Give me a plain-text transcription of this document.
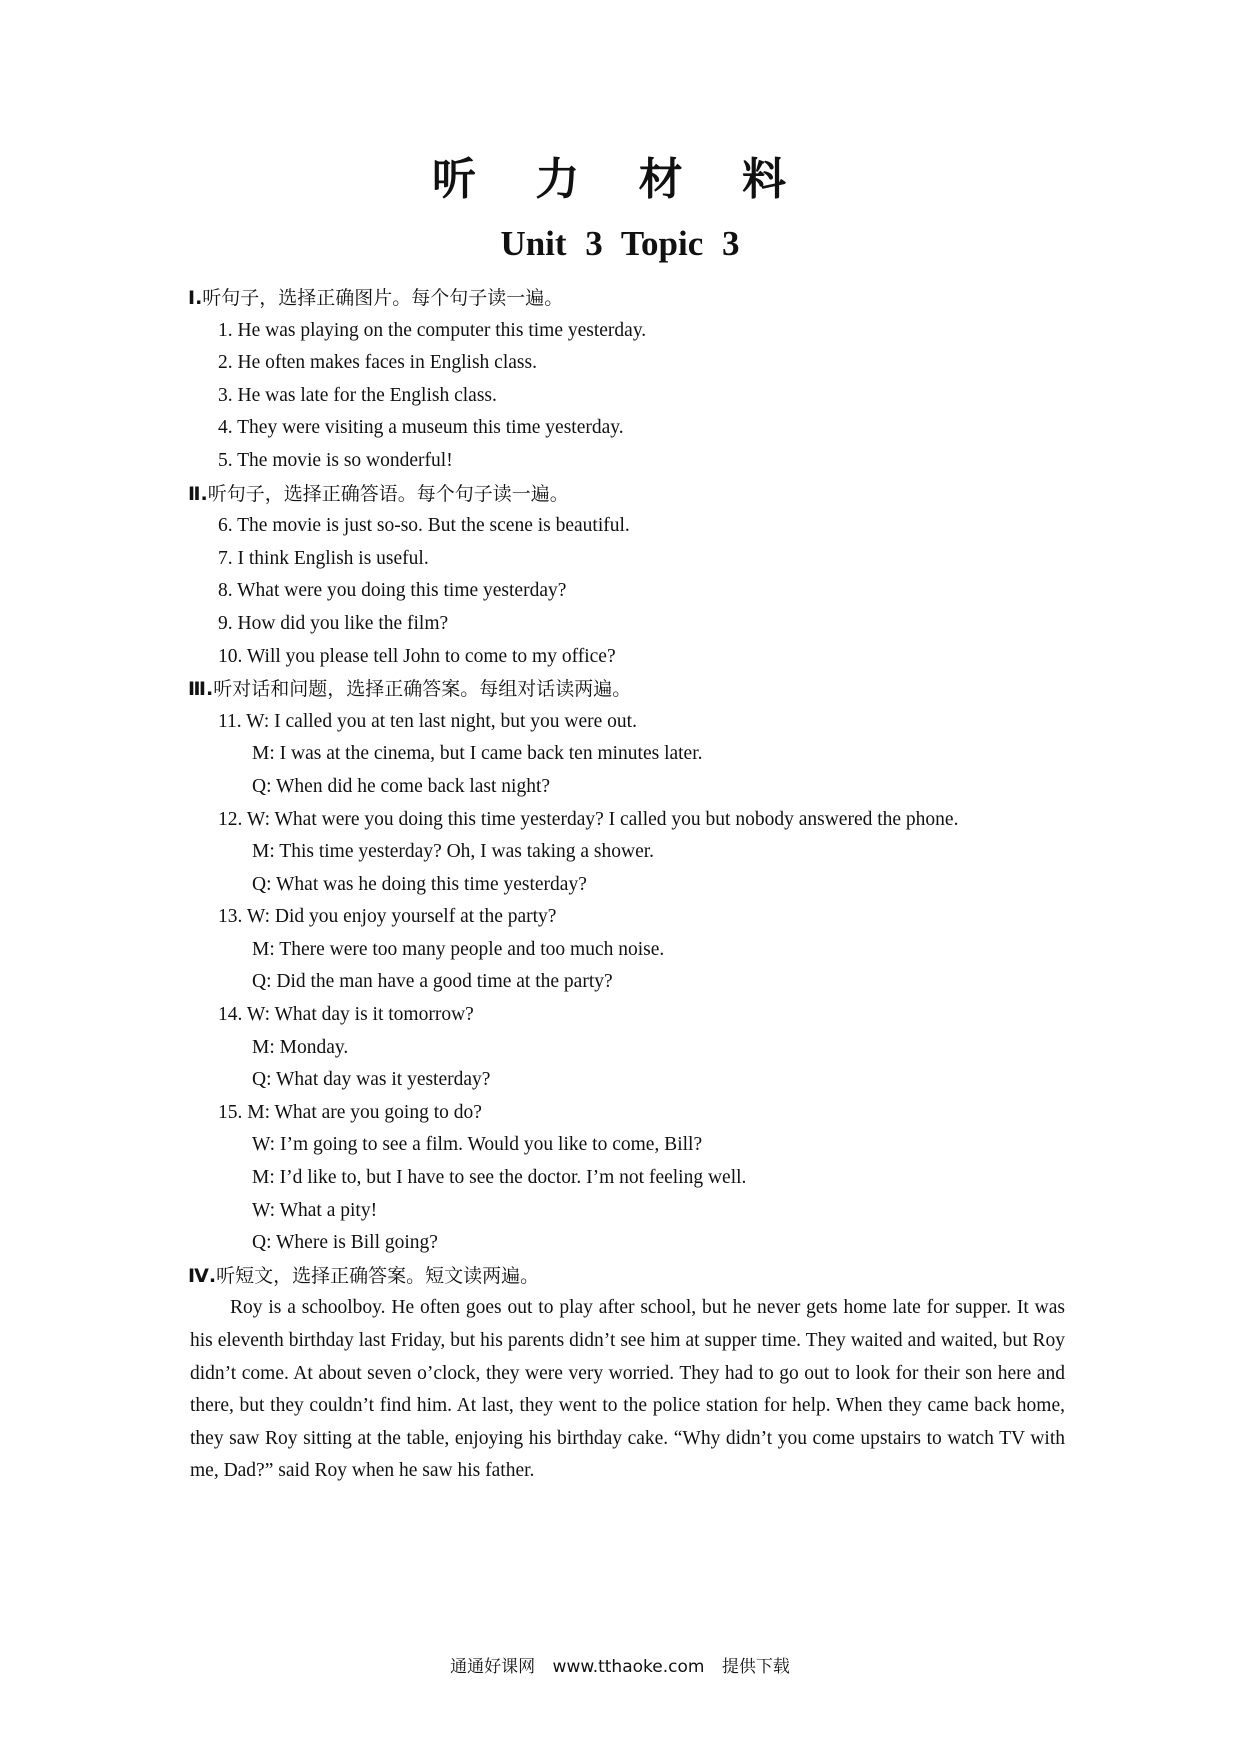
听 力 材 料
Unit 3 Topic 3
Ⅰ.听句子，选择正确图片。每个句子读一遍。
1. He was playing on the computer this time yesterday.
2. He often makes faces in English class.
3. He was late for the English class.
4. They were visiting a museum this time yesterday.
5. The movie is so wonderful!
Ⅱ.听句子，选择正确答语。每个句子读一遍。
6. The movie is just so-so. But the scene is beautiful.
7. I think English is useful.
8. What were you doing this time yesterday?
9. How did you like the film?
10. Will you please tell John to come to my office?
Ⅲ.听对话和问题，选择正确答案。每组对话读两遍。
11. W: I called you at ten last night, but you were out.
M: I was at the cinema, but I came back ten minutes later.
Q: When did he come back last night?
12. W: What were you doing this time yesterday? I called you but nobody answered the phone.
M: This time yesterday? Oh, I was taking a shower.
Q: What was he doing this time yesterday?
13. W: Did you enjoy yourself at the party?
M: There were too many people and too much noise.
Q: Did the man have a good time at the party?
14. W: What day is it tomorrow?
M: Monday.
Q: What day was it yesterday?
15. M: What are you going to do?
W: I’m going to see a film. Would you like to come, Bill?
M: I’d like to, but I have to see the doctor. I’m not feeling well.
W: What a pity!
Q: Where is Bill going?
Ⅳ.听短文，选择正确答案。短文读两遍。
Roy is a schoolboy. He often goes out to play after school, but he never gets home late for supper. It was his eleventh birthday last Friday, but his parents didn’t see him at supper time. They waited and waited, but Roy didn’t come. At about seven o’clock, they were very worried. They had to go out to look for their son here and there, but they couldn’t find him. At last, they went to the police station for help. When they came back home, they saw Roy sitting at the table, enjoying his birthday cake. “Why didn’t you come upstairs to watch TV with me, Dad?” said Roy when he saw his father.
通通好课网 www.tthaoke.com 提供下载
